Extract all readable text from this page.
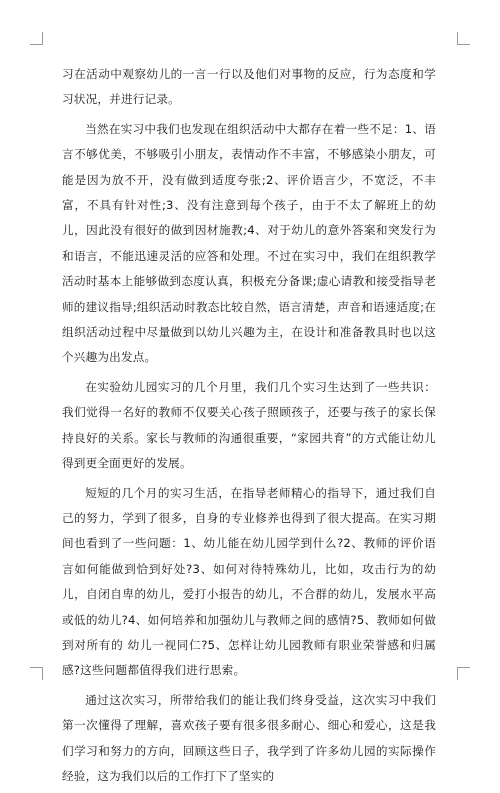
习在活动中观察幼儿的一言一行以及他们对事物的反应，行为态度和学习状况，并进行记录。

当然在实习中我们也发现在组织活动中大都存在着一些不足：1、语言不够优美，不够吸引小朋友，表情动作不丰富，不够感染小朋友，可能是因为放不开，没有做到适度夸张;2、评价语言少，不宽泛，不丰富，不具有针对性;3、没有注意到每个孩子，由于不太了解班上的幼儿，因此没有很好的做到因材施教;4、对于幼儿的意外答案和突发行为和语言，不能迅速灵活的应答和处理。不过在实习中，我们在组织教学活动时基本上能够做到态度认真，积极充分备课;虚心请教和接受指导老师的建议指导;组织活动时教态比较自然，语言清楚，声音和语速适度;在组织活动过程中尽量做到以幼儿兴趣为主，在设计和准备教具时也以这个兴趣为出发点。

在实验幼儿园实习的几个月里，我们几个实习生达到了一些共识：我们觉得一名好的教师不仅要关心孩子照顾孩子，还要与孩子的家长保持良好的关系。家长与教师的沟通很重要，“家园共育”的方式能让幼儿得到更全面更好的发展。

短短的几个月的实习生活，在指导老师精心的指导下，通过我们自己的努力，学到了很多，自身的专业修养也得到了很大提高。在实习期间也看到了一些问题：1、幼儿能在幼儿园学到什么?2、教师的评价语言如何能做到恰到好处?3、如何对待特殊幼儿，比如，攻击行为的幼儿，自闭自卑的幼儿，爱打小报告的幼儿，不合群的幼儿，发展水平高或低的幼儿?4、如何培养和加强幼儿与教师之间的感情?5、教师如何做到对所有的 幼儿一视同仁?5、怎样让幼儿园教师有职业荣誉感和归属感?这些问题都值得我们进行思索。

通过这次实习，所带给我们的能让我们终身受益，这次实习中我们第一次懂得了理解，喜欢孩子要有很多很多耐心、细心和爱心，这是我们学习和努力的方向，回顾这些日子，我学到了许多幼儿园的实际操作经验，这为我们以后的工作打下了坚实的
